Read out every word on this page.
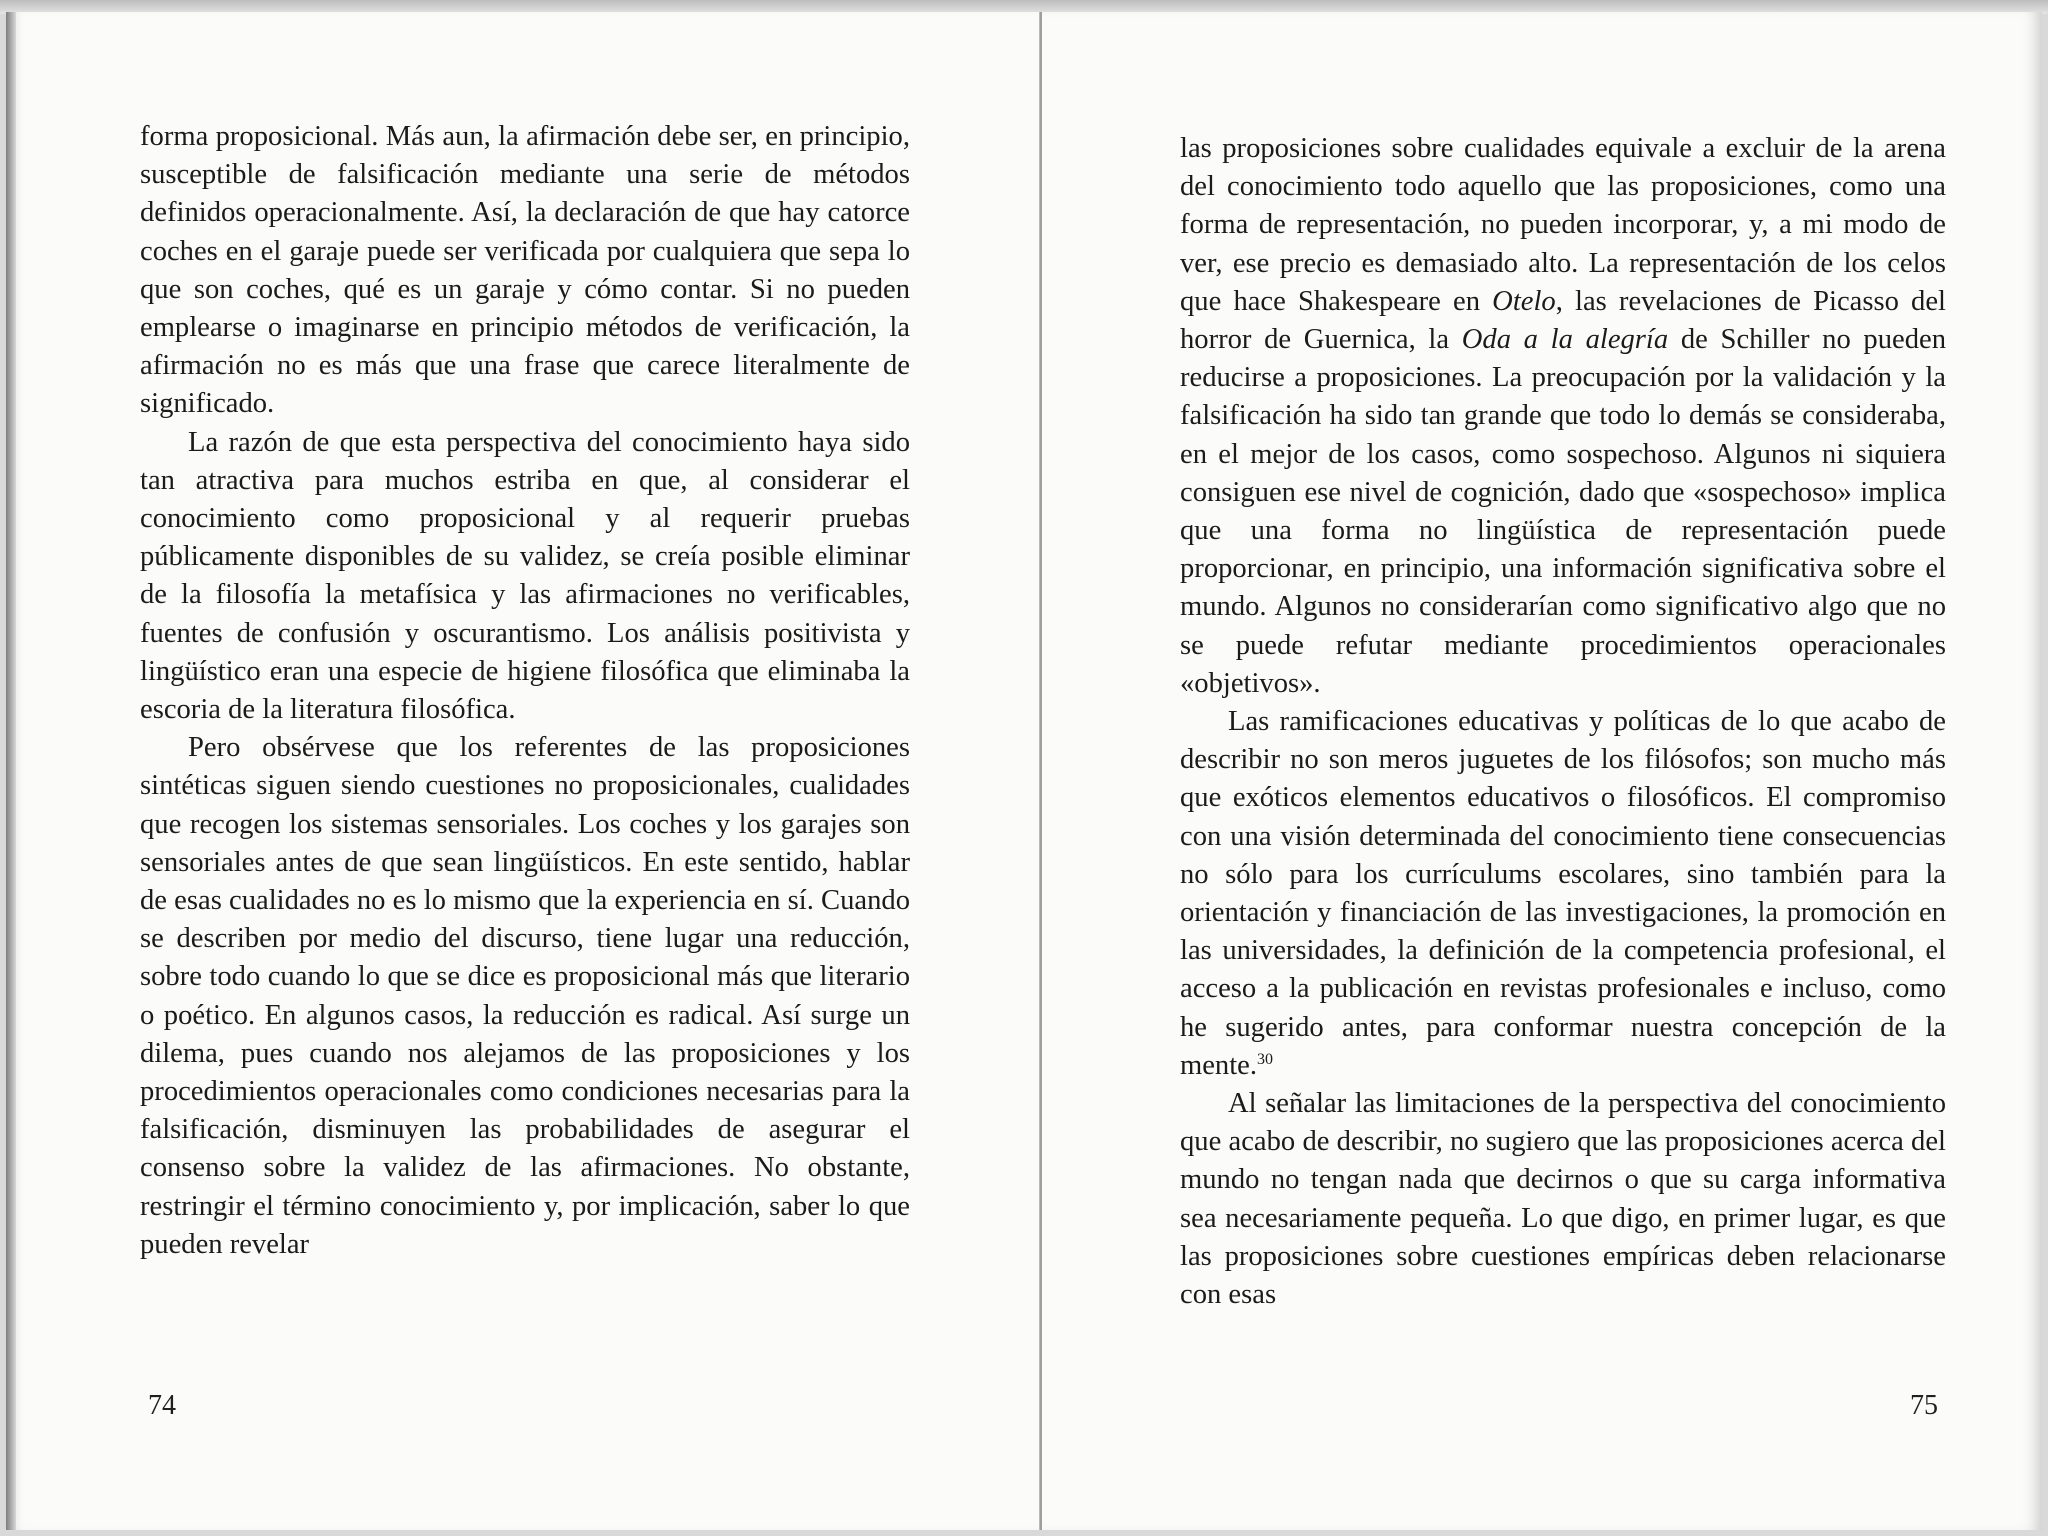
forma proposicional. Más aun, la afirmación debe ser, en principio, susceptible de falsificación mediante una serie de métodos definidos operacionalmente. Así, la declaración de que hay catorce coches en el garaje puede ser verificada por cualquiera que sepa lo que son coches, qué es un garaje y cómo contar. Si no pueden emplearse o imaginarse en principio métodos de verificación, la afirmación no es más que una frase que carece literalmente de significado.

La razón de que esta perspectiva del conocimiento haya sido tan atractiva para muchos estriba en que, al considerar el conocimiento como proposicional y al requerir pruebas públicamente disponibles de su validez, se creía posible eliminar de la filosofía la metafísica y las afirmaciones no verificables, fuentes de confusión y oscurantismo. Los análisis positivista y lingüístico eran una especie de higiene filosófica que eliminaba la escoria de la literatura filosófica.

Pero obsérvese que los referentes de las proposiciones sintéticas siguen siendo cuestiones no proposicionales, cualidades que recogen los sistemas sensoriales. Los coches y los garajes son sensoriales antes de que sean lingüísticos. En este sentido, hablar de esas cualidades no es lo mismo que la experiencia en sí. Cuando se describen por medio del discurso, tiene lugar una reducción, sobre todo cuando lo que se dice es proposicional más que literario o poético. En algunos casos, la reducción es radical. Así surge un dilema, pues cuando nos alejamos de las proposiciones y los procedimientos operacionales como condiciones necesarias para la falsificación, disminuyen las probabilidades de asegurar el consenso sobre la validez de las afirmaciones. No obstante, restringir el término conocimiento y, por implicación, saber lo que pueden revelar

74

las proposiciones sobre cualidades equivale a excluir de la arena del conocimiento todo aquello que las proposiciones, como una forma de representación, no pueden incorporar, y, a mi modo de ver, ese precio es demasiado alto. La representación de los celos que hace Shakespeare en Otelo, las revelaciones de Picasso del horror de Guernica, la Oda a la alegría de Schiller no pueden reducirse a proposiciones. La preocupación por la validación y la falsificación ha sido tan grande que todo lo demás se consideraba, en el mejor de los casos, como sospechoso. Algunos ni siquiera consiguen ese nivel de cognición, dado que «sospechoso» implica que una forma no lingüística de representación puede proporcionar, en principio, una información significativa sobre el mundo. Algunos no considerarían como significativo algo que no se puede refutar mediante procedimientos operacionales «objetivos».

Las ramificaciones educativas y políticas de lo que acabo de describir no son meros juguetes de los filósofos; son mucho más que exóticos elementos educativos o filosóficos. El compromiso con una visión determinada del conocimiento tiene consecuencias no sólo para los currículums escolares, sino también para la orientación y financiación de las investigaciones, la promoción en las universidades, la definición de la competencia profesional, el acceso a la publicación en revistas profesionales e incluso, como he sugerido antes, para conformar nuestra concepción de la mente.$^{30}$

Al señalar las limitaciones de la perspectiva del conocimiento que acabo de describir, no sugiero que las proposiciones acerca del mundo no tengan nada que decirnos o que su carga informativa sea necesariamente pequeña. Lo que digo, en primer lugar, es que las proposiciones sobre cuestiones empíricas deben relacionarse con esas

75
